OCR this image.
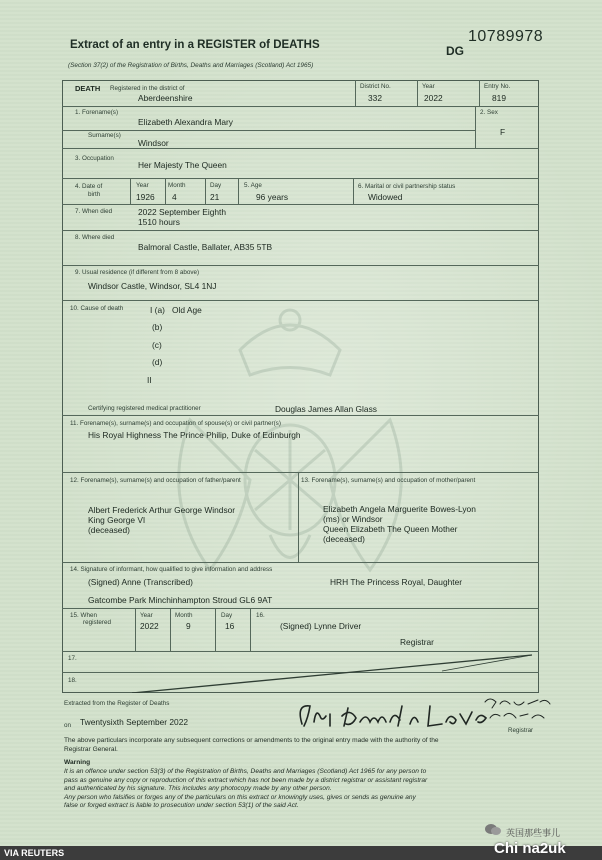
10789978
Extract of an entry in a REGISTER of DEATHS	DG
(Section 37(2) of the Registration of Births, Deaths and Marriages (Scotland) Act 1965)
DEATH Registered in the district of
Aberdeenshire
District No.
332
Year
2022
Entry No.
819
1. Forename(s)
Elizabeth Alexandra Mary
Surname(s)
Windsor
2. Sex
F
3. Occupation
Her Majesty The Queen
4. Date of
birth
Year
1926
Month
4
Day
21
5. Age
96 years
6. Marital or civil partnership status
Widowed
7. When died	2022 September Eighth
1510 hours
8. Where died
Balmoral Castle, Ballater, AB35 5TB
9. Usual residence (if different from 8 above)
Windsor Castle, Windsor, SL4 1NJ
10. Cause of death	I (a) Old Age
(b)
(c)
(d)
II
Certifying registered medical practitioner	Douglas James Allan Glass
11. Forename(s), surname(s) and occupation of spouse(s) or civil partner(s)
His Royal Highness The Prince Philip, Duke of Edinburgh
12. Forename(s), surname(s) and occupation of father/parent
Albert Frederick Arthur George Windsor
King George VI
(deceased)
13. Forename(s), surname(s) and occupation of mother/parent
Elizabeth Angela Marguerite Bowes-Lyon
(ms) or Windsor
Queen Elizabeth The Queen Mother
(deceased)
14. Signature of informant, how qualified to give information and address
(Signed) Anne (Transcribed)	HRH The Princess Royal, Daughter
Gatcombe Park Minchinhampton Stroud GL6 9AT
15. When
registered
Year
2022
Month
9
Day
16
16.
(Signed) Lynne Driver
Registrar
17.
18.
Extracted from the Register of Deaths
on Twentysixth September 2022
Registrar
The above particulars incorporate any subsequent corrections or amendments to the original entry made with the authority of the
Registrar General.
Warning
It is an offence under section 53(3) of the Registration of Births, Deaths and Marriages (Scotland) Act 1965 for any person to
pass as genuine any copy or reproduction of this extract which has not been made by a district registrar or assistant registrar
and authenticated by his signature. This includes any photocopy made by any other person.
Any person who falsifies or forges any of the particulars on this extract or knowingly uses, gives or sends as genuine any
false or forged extract is liable to prosecution under section 53(1) of the said Act.
VIA REUTERS
英国那些事儿
Chi na2uk
